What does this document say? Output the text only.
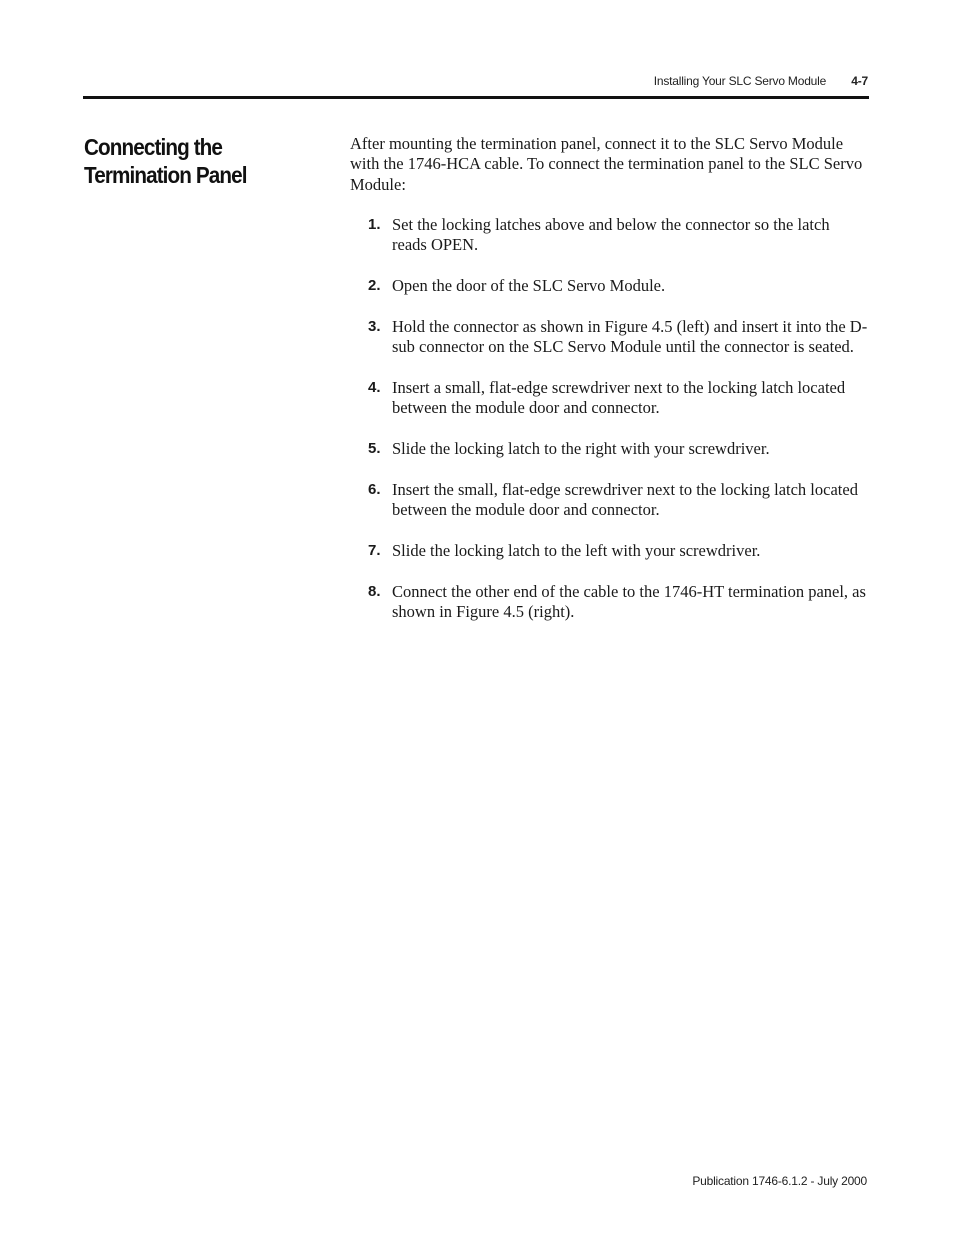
Installing Your SLC Servo Module 4-7
Connecting the Termination Panel

After mounting the termination panel, connect it to the SLC Servo Module with the 1746-HCA cable. To connect the termination panel to the SLC Servo Module:

1. Set the locking latches above and below the connector so the latch reads OPEN.
2. Open the door of the SLC Servo Module.
3. Hold the connector as shown in Figure 4.5 (left) and insert it into the D-sub connector on the SLC Servo Module until the connector is seated.
4. Insert a small, flat-edge screwdriver next to the locking latch located between the module door and connector.
5. Slide the locking latch to the right with your screwdriver.
6. Insert the small, flat-edge screwdriver next to the locking latch located between the module door and connector.
7. Slide the locking latch to the left with your screwdriver.
8. Connect the other end of the cable to the 1746-HT termination panel, as shown in Figure 4.5 (right).
Publication 1746-6.1.2 - July 2000
